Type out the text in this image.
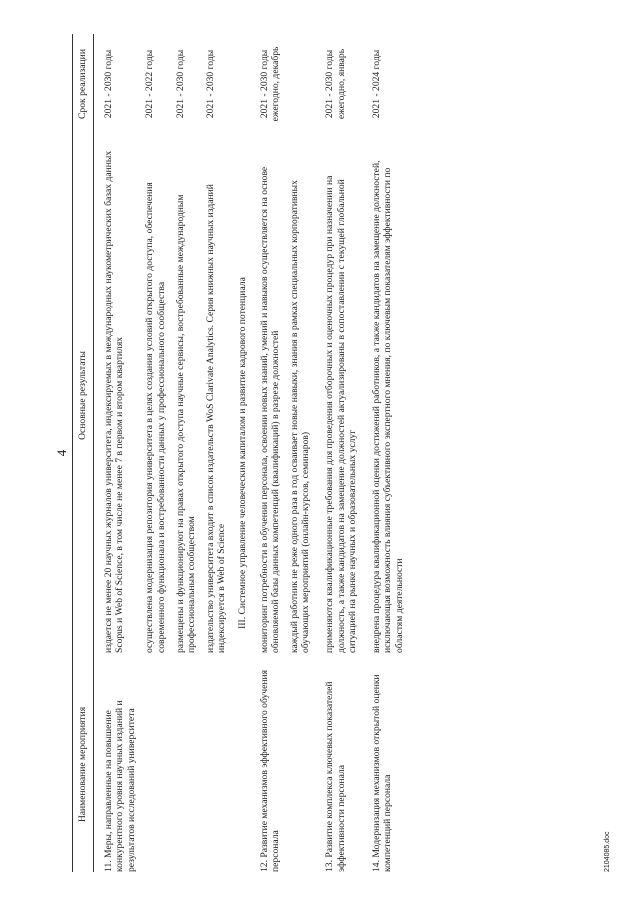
4
Наименование мероприятия	Основные результаты	Срок реализации
11. Меры, направленные на повышение конкурентного уровня научных изданий и результатов исследований университета	издается не менее 20 научных журналов университета, индексируемых в международных наукометрических базах данных Scopus и Web of Science, в том числе не менее 7 в первом и втором квартилях	2021 - 2030 годы
	осуществлена модернизация репозитория университета в целях создания условий открытого доступа, обеспечения современного функционала и востребованности данных у профессионального сообщества	2021 - 2022 годы
	размещены и функционируют на правах открытого доступа научные сервисы, востребованные международным профессиональным сообществом	2021 - 2030 годы
	издательство университета входит в список издательств WoS Clarivate Analytics. Серия книжных научных изданий индексируется в Web of Science	2021 - 2030 годы
III. Системное управление человеческим капиталом и развитие кадрового потенциала		
12. Развитие механизмов эффективного обучения персонала	мониторинг потребности в обучении персонала, освоении новых знаний, умений и навыков осуществляется на основе обновляемой базы данных компетенций (квалификаций) в разрезе должностей	2021 - 2030 годы ежегодно, декабрь
	каждый работник не реже одного раза в год осваивает новые навыки, знания в рамках специальных корпоративных обучающих мероприятий (онлайн-курсов, семинаров)	
13. Развитие комплекса ключевых показателей эффективности персонала	применяются квалификационные требования для проведения отборочных и оценочных процедур при назначении на должность, а также кандидатов на замещение должностей актуализированы в сопоставлении с текущей глобальной ситуацией на рынке научных и образовательных услуг	2021 - 2030 годы ежегодно, январь
14. Модернизация механизмов открытой оценки компетенций персонала	внедрена процедура квалификационной оценки достижений работников, а также кандидатов на замещение должностей, исключающая возможность влияния субъективного экспертного мнения, по ключевым показателям эффективности по областям деятельности	2021 - 2024 годы
2104085.doc
